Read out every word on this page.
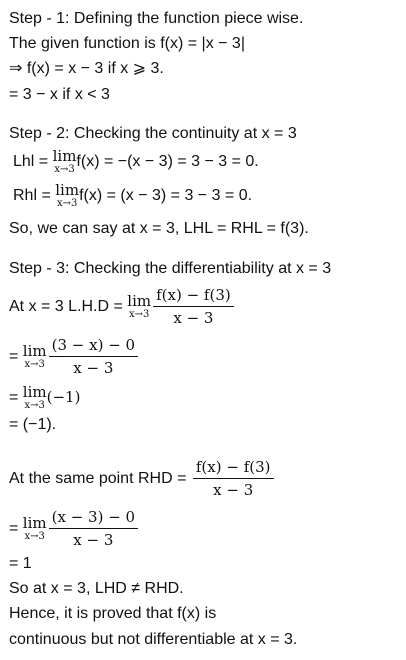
Step - 1: Defining the function piece wise.
The given function is f(x) = |x − 3|
⇒ f(x) = x − 3 if x ⩾ 3.
= 3 − x if x < 3
Step - 2: Checking the continuity at x = 3
Lhl = lim
x→3 f(x) = −(x − 3) = 3 − 3 = 0.
Rhl = lim
x→3 f(x) = (x − 3) = 3 − 3 = 0.
So, we can say at x = 3, LHL = RHL = f(3).
Step - 3: Checking the differentiability at x = 3
At x = 3 L.H.D = lim
$x\to 3 \frac{f(x) - f(3)}{x - 3}$
= lim
$x\to 3 \frac{(3 - x) - 0}{x - 3}$
= lim
x→3 (−1)
= (−1).
At the same point RHD = $\frac{f(x) - f(3)}{x - 3}$
= lim
$x\to 3 \frac{(x - 3) - 0}{x - 3}$
= 1
So at x = 3, LHD ≠ RHD.
Hence, it is proved that f(x) is
continuous but not differentiable at x = 3.
